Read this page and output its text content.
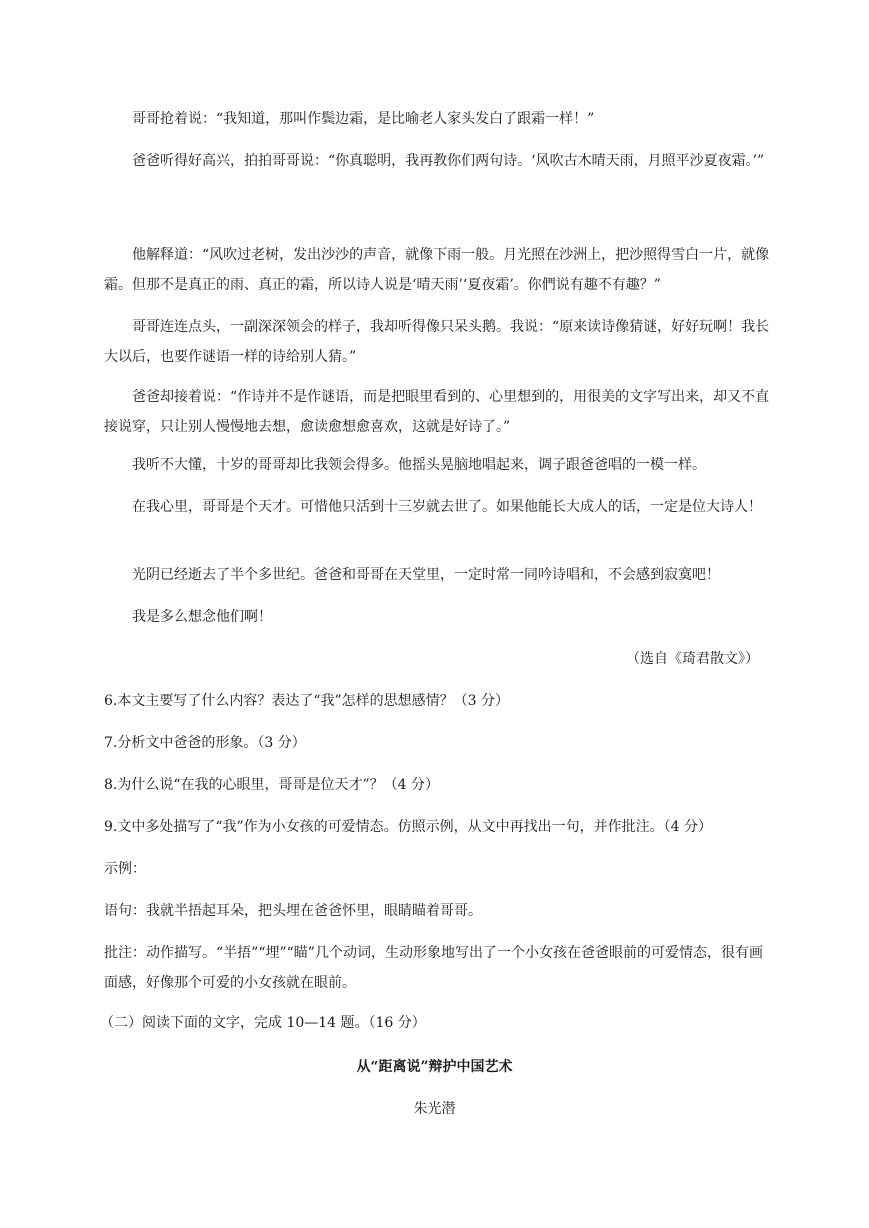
哥哥抢着说：“我知道，那叫作鬓边霜，是比喻老人家头发白了跟霜一样！”

爸爸听得好高兴，拍拍哥哥说：“你真聪明，我再教你们两句诗。‘风吹古木晴天雨，月照平沙夏夜霜。’”

他解释道：“风吹过老树，发出沙沙的声音，就像下雨一般。月光照在沙洲上，把沙照得雪白一片，就像霜。但那不是真正的雨、真正的霜，所以诗人说是‘晴天雨’‘夏夜霜’。你們说有趣不有趣？”

哥哥连连点头，一副深深领会的样子，我却听得像只呆头鹅。我说：“原来读诗像猜谜，好好玩啊！我长大以后，也要作谜语一样的诗给别人猜。”

爸爸却接着说：“作诗并不是作谜语，而是把眼里看到的、心里想到的，用很美的文字写出来，却又不直接说穿，只让别人慢慢地去想，愈读愈想愈喜欢，这就是好诗了。”

我听不大懂，十岁的哥哥却比我领会得多。他摇头晃脑地唱起来，调子跟爸爸唱的一模一样。

在我心里，哥哥是个天才。可惜他只活到十三岁就去世了。如果他能长大成人的话，一定是位大诗人！

光阴已经逝去了半个多世纪。爸爸和哥哥在天堂里，一定时常一同吟诗唱和，不会感到寂寞吧！

我是多么想念他们啊！

（选自《琦君散文》）

6.本文主要写了什么内容？表达了“我”怎样的思想感情？（3 分）

7.分析文中爸爸的形象。（3 分）

8.为什么说“在我的心眼里，哥哥是位天才”？（4 分）

9.文中多处描写了“我”作为小女孩的可爱情态。仿照示例，从文中再找出一句，并作批注。（4 分）

示例：

语句：我就半捂起耳朵，把头埋在爸爸怀里，眼睛瞄着哥哥。

批注：动作描写。“半捂”“埋”“瞄”几个动词，生动形象地写出了一个小女孩在爸爸眼前的可爱情态，很有画面感，好像那个可爱的小女孩就在眼前。

（二）阅读下面的文字，完成 10—14 题。（16 分）

从“距离说”辩护中国艺术
朱光潜
